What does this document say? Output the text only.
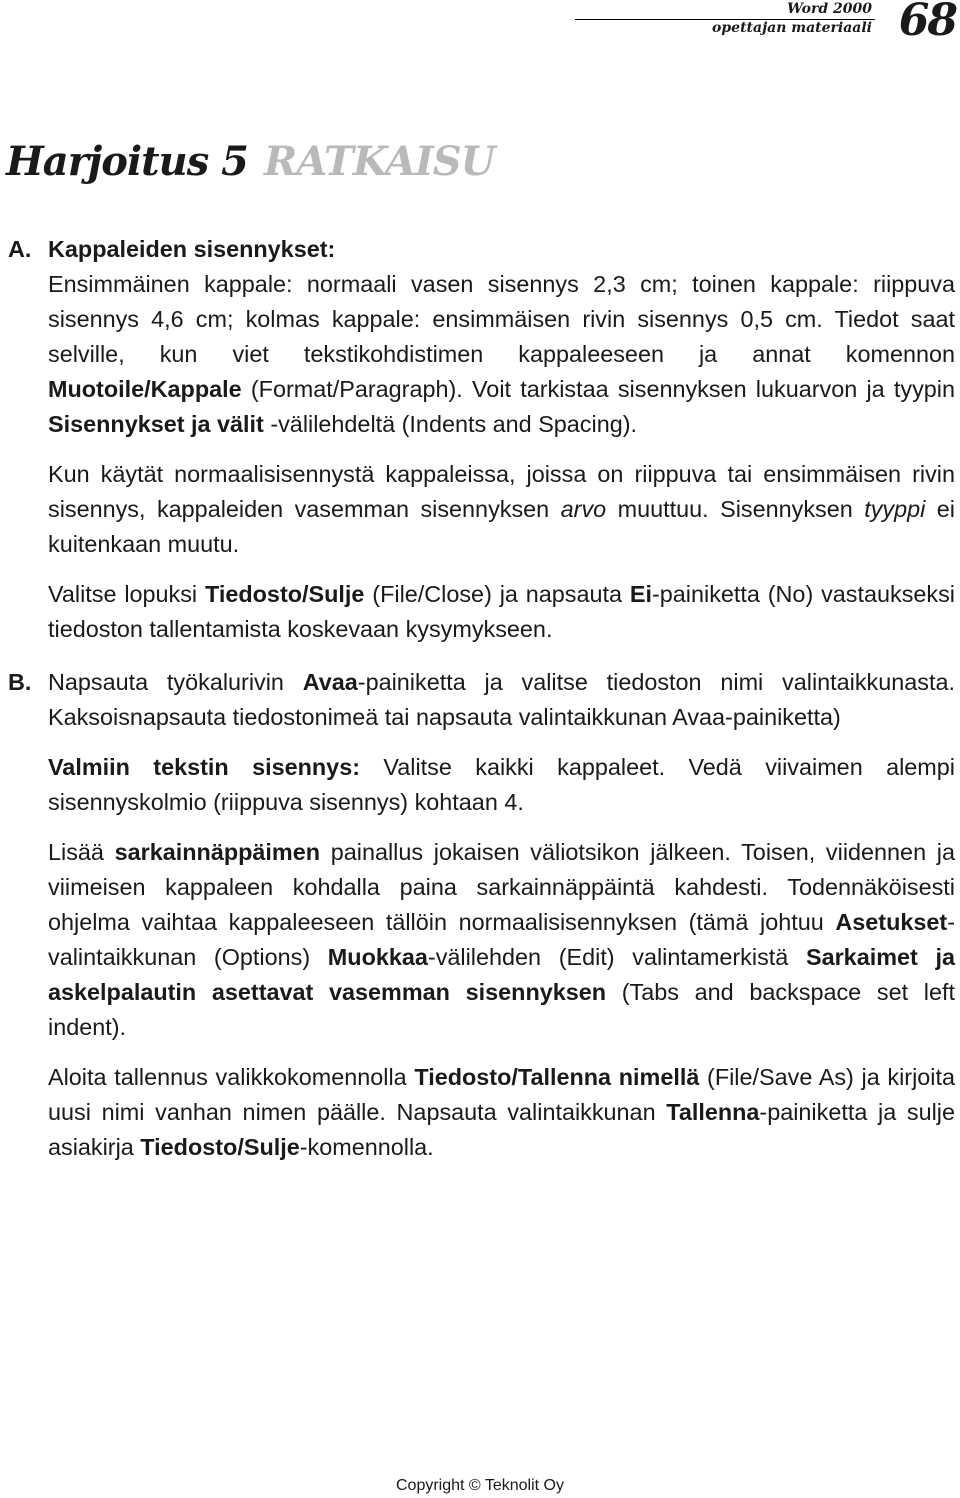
Word 2000
opettajan materiaali 68
Harjoitus 5 RATKAISU
A. Kappaleiden sisennykset:

Ensimmäinen kappale: normaali vasen sisennys 2,3 cm; toinen kappale: riippuva sisennys 4,6 cm; kolmas kappale: ensimmäisen rivin sisennys 0,5 cm. Tiedot saat selville, kun viet tekstikohdistimen kappaleeseen ja annat komennon Muotoile/Kappale (Format/Paragraph). Voit tarkistaa sisennyksen lukuarvon ja tyypin Sisennykset ja välit -välilehdeltä (Indents and Spacing).

Kun käytät normaalisisennystä kappaleissa, joissa on riippuva tai ensimmäisen rivin sisennys, kappaleiden vasemman sisennyksen arvo muuttuu. Sisennyksen tyyppi ei kuitenkaan muutu.

Valitse lopuksi Tiedosto/Sulje (File/Close) ja napsauta Ei-painiketta (No) vastaukseksi tiedoston tallentamista koskevaan kysymykseen.

B. Napsauta työkalurivin Avaa-painiketta ja valitse tiedoston nimi valintaikkunasta. Kaksoisnapsauta tiedostonimeä tai napsauta valintaikkunan Avaa-painiketta)

Valmiin tekstin sisennys: Valitse kaikki kappaleet. Vedä viivaimen alempi sisennyskolmio (riippuva sisennys) kohtaan 4.

Lisää sarkainnäppäimen painallus jokaisen väliotsikon jälkeen. Toisen, viidennen ja viimeisen kappaleen kohdalla paina sarkainnäppäintä kahdesti. Todennäköisesti ohjelma vaihtaa kappaleeseen tällöin normaalisisennyksen (tämä johtuu Asetukset-valintaikkunan (Options) Muokkaa-välilehden (Edit) valintamerkistä Sarkaimet ja askelpalautin asettavat vasemman sisennyksen (Tabs and backspace set left indent).

Aloita tallennus valikkokomennolla Tiedosto/Tallenna nimellä (File/Save As) ja kirjoita uusi nimi vanhan nimen päälle. Napsauta valintaikkunan Tallenna-painiketta ja sulje asiakirja Tiedosto/Sulje-komennolla.

Copyright © Teknolit Oy
